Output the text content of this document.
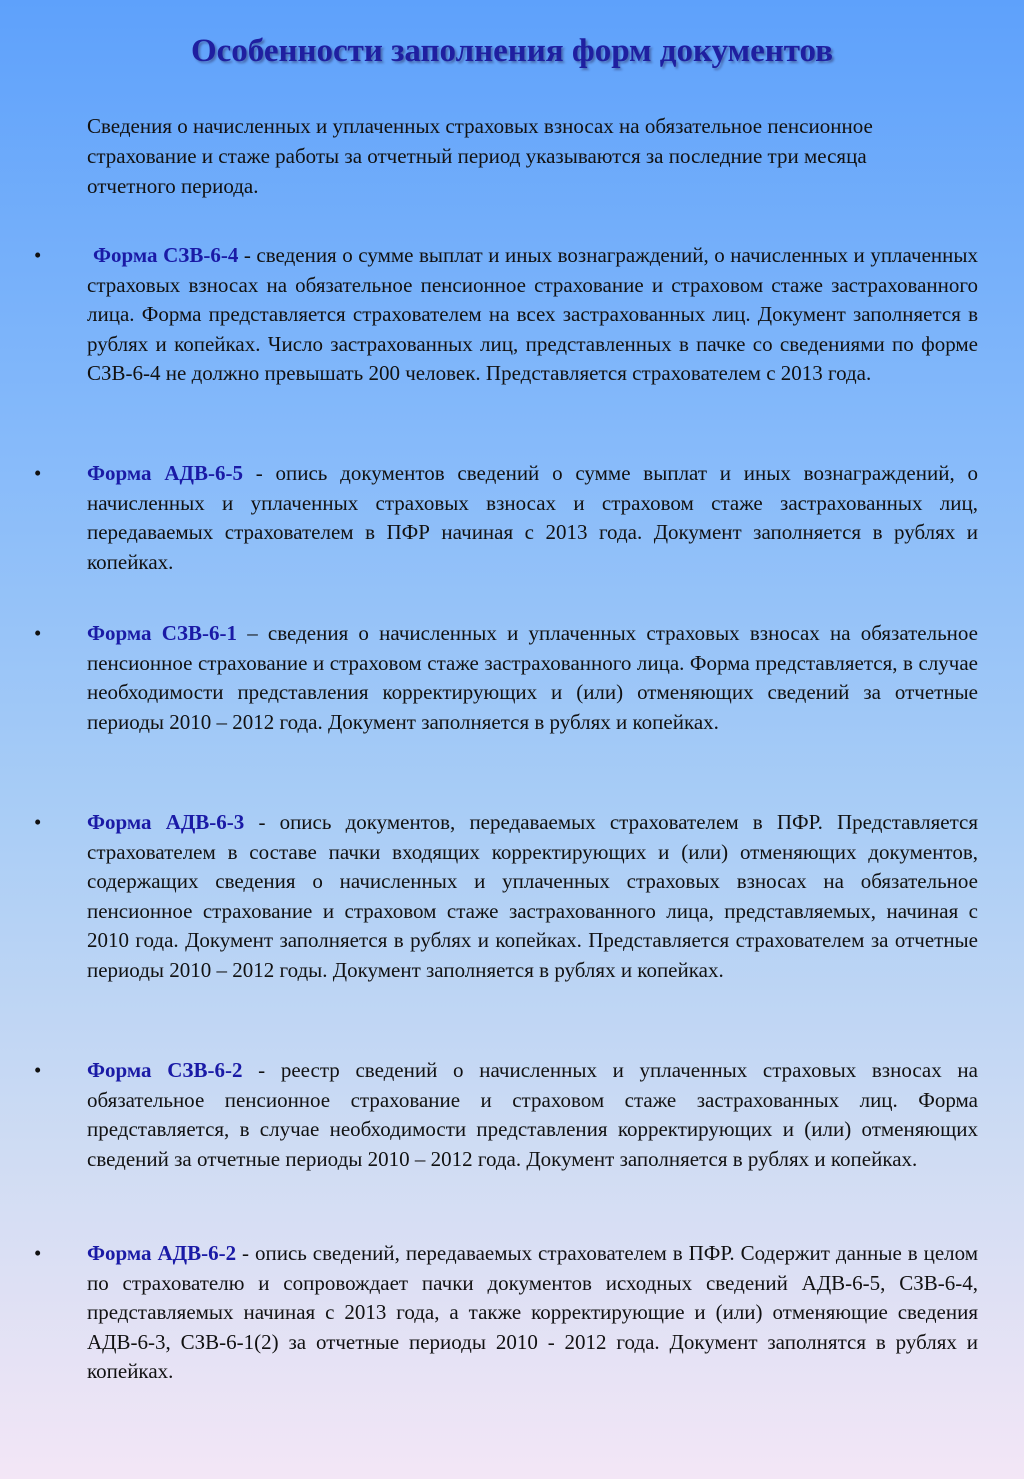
Особенности заполнения форм документов

Сведения о начисленных и уплаченных страховых взносах на обязательное пенсионное страхование и стаже работы за отчетный период указываются за последние три месяца отчетного периода.

• Форма СЗВ-6-4 - сведения о сумме выплат и иных вознаграждений, о начисленных и уплаченных страховых взносах на обязательное пенсионное страхование и страховом стаже застрахованного лица. Форма представляется страхователем на всех застрахованных лиц. Документ заполняется в рублях и копейках. Число застрахованных лиц, представленных в пачке со сведениями по форме СЗВ-6-4 не должно превышать 200 человек. Представляется страхователем с 2013 года.

• Форма АДВ-6-5 - опись документов сведений о сумме выплат и иных вознаграждений, о начисленных и уплаченных страховых взносах и страховом стаже застрахованных лиц, передаваемых страхователем в ПФР начиная с 2013 года. Документ заполняется в рублях и копейках.

• Форма СЗВ-6-1 – сведения о начисленных и уплаченных страховых взносах на обязательное пенсионное страхование и страховом стаже застрахованного лица. Форма представляется, в случае необходимости представления корректирующих и (или) отменяющих сведений за отчетные периоды 2010 – 2012 года. Документ заполняется в рублях и копейках.

• Форма АДВ-6-3 - опись документов, передаваемых страхователем в ПФР. Представляется страхователем в составе пачки входящих корректирующих и (или) отменяющих документов, содержащих сведения о начисленных и уплаченных страховых взносах на обязательное пенсионное страхование и страховом стаже застрахованного лица, представляемых, начиная с 2010 года. Документ заполняется в рублях и копейках. Представляется страхователем за отчетные периоды 2010 – 2012 годы. Документ заполняется в рублях и копейках.

• Форма СЗВ-6-2 - реестр сведений о начисленных и уплаченных страховых взносах на обязательное пенсионное страхование и страховом стаже застрахованных лиц. Форма представляется, в случае необходимости представления корректирующих и (или) отменяющих сведений за отчетные периоды 2010 – 2012 года. Документ заполняется в рублях и копейках.

• Форма АДВ-6-2 - опись сведений, передаваемых страхователем в ПФР. Содержит данные в целом по страхователю и сопровождает пачки документов исходных сведений АДВ-6-5, СЗВ-6-4, представляемых начиная с 2013 года, а также корректирующие и (или) отменяющие сведения АДВ-6-3, СЗВ-6-1(2) за отчетные периоды 2010 - 2012 года. Документ заполнятся в рублях и копейках.
